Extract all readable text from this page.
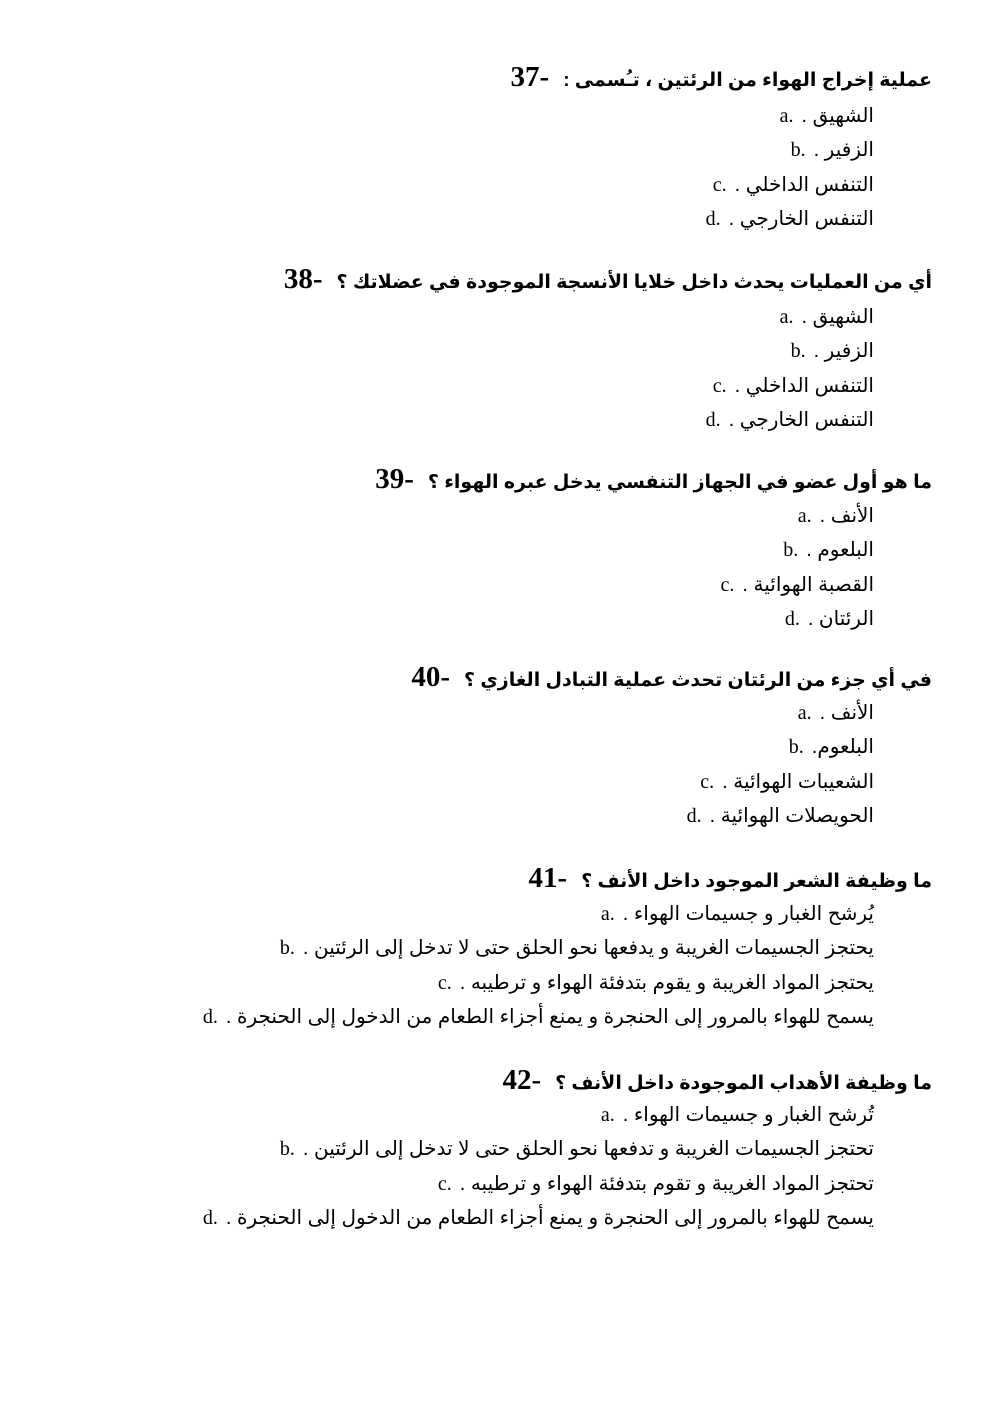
37 - عملية إخراج الهواء من الرئتين ، تـُسمى :
a . الشهيق .
b . الزفير .
c . التنفس الداخلي .
d . التنفس الخارجي .
38 - أي من العمليات يحدث داخل خلايا الأنسجة الموجودة في عضلاتك ؟
a . الشهيق .
b . الزفير .
c . التنفس الداخلي .
d . التنفس الخارجي .
39 - ما هو أول عضو في الجهاز التنفسي يدخل عبره الهواء ؟
a . الأنف .
b . البلعوم .
c . القصبة الهوائية .
d . الرئتان .
40 - في أي جزء من الرئتان تحدث عملية التبادل الغازي ؟
a . الأنف .
b . البلعوم.
c . الشعيبات الهوائية .
d . الحويصلات الهوائية .
41 - ما وظيفة الشعر الموجود داخل الأنف ؟
a . يُرشح الغبار و جسيمات الهواء .
b . يحتجز الجسيمات الغريبة و يدفعها نحو الحلق حتى لا تدخل إلى الرئتين .
c . يحتجز المواد الغريبة و يقوم بتدفئة الهواء و ترطيبه .
d . يسمح للهواء بالمرور إلى الحنجرة و يمنع أجزاء الطعام من الدخول إلى الحنجرة .
42 - ما وظيفة الأهداب الموجودة داخل الأنف ؟
a . تُرشح الغبار و جسيمات الهواء .
b . تحتجز الجسيمات الغريبة و تدفعها نحو الحلق حتى لا تدخل إلى الرئتين .
c . تحتجز المواد الغريبة و تقوم بتدفئة الهواء و ترطيبه .
d . يسمح للهواء بالمرور إلى الحنجرة و يمنع أجزاء الطعام من الدخول إلى الحنجرة .
